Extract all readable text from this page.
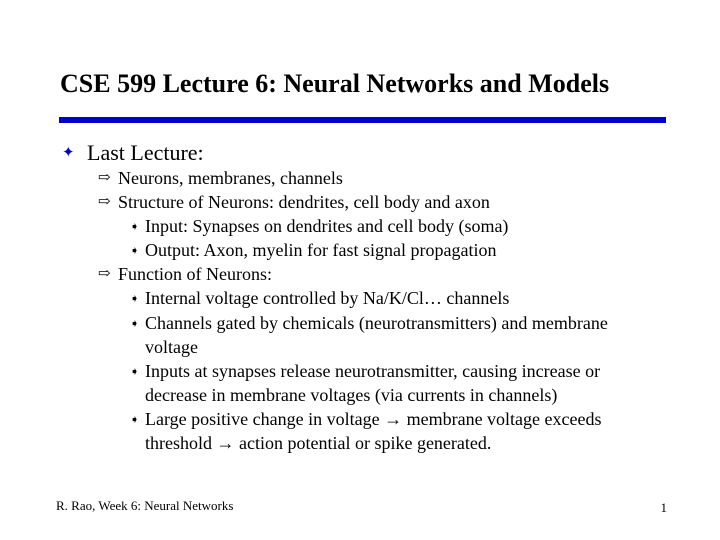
CSE 599 Lecture 6: Neural Networks and Models
✦ Last Lecture:
⇨ Neurons, membranes, channels
⇨ Structure of Neurons: dendrites, cell body and axon
➧ Input: Synapses on dendrites and cell body (soma)
➧ Output: Axon, myelin for fast signal propagation
⇨ Function of Neurons:
➧ Internal voltage controlled by Na/K/Cl… channels
➧ Channels gated by chemicals (neurotransmitters) and membrane voltage
➧ Inputs at synapses release neurotransmitter, causing increase or decrease in membrane voltages (via currents in channels)
➧ Large positive change in voltage → membrane voltage exceeds threshold → action potential or spike generated.
R. Rao, Week 6: Neural Networks	1
